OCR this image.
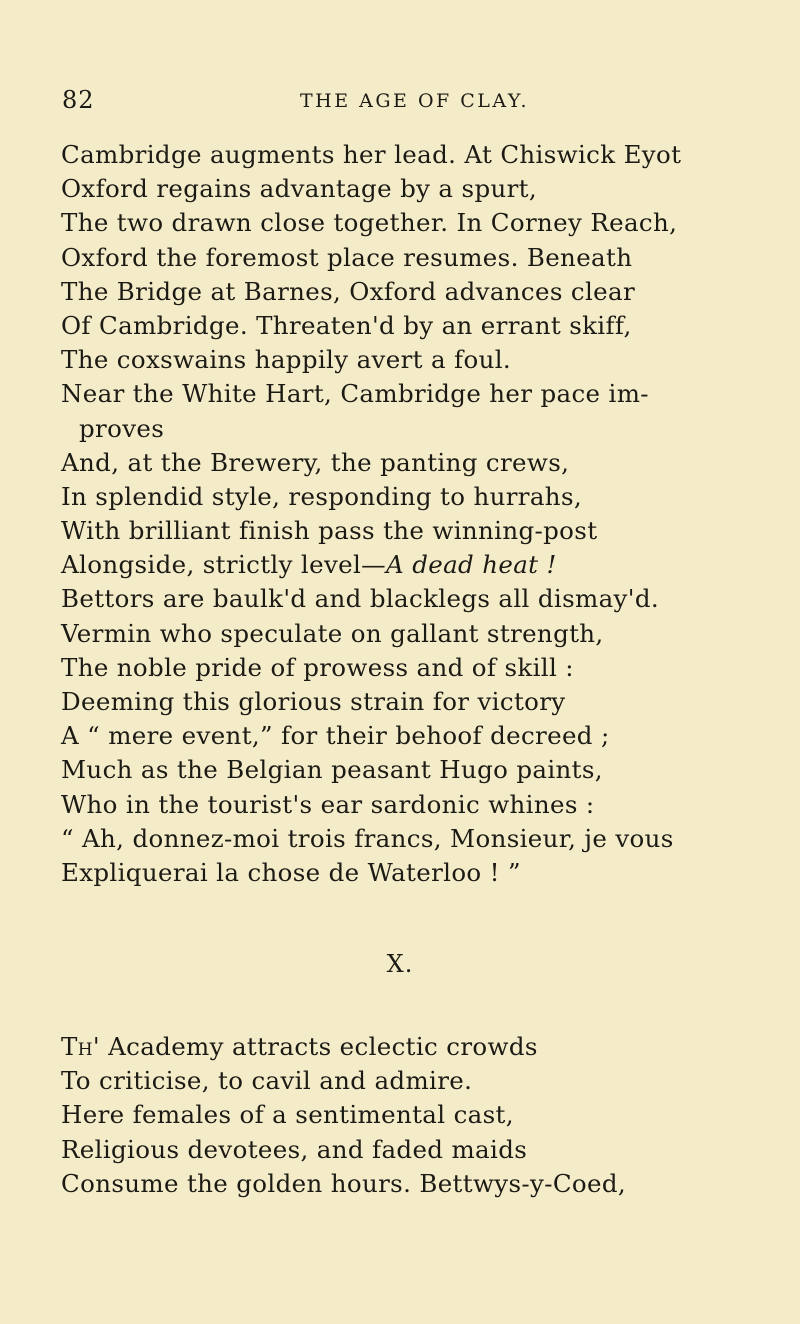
82	THE AGE OF CLAY.
Cambridge augments her lead. At Chiswick Eyot
Oxford regains advantage by a spurt,
The two drawn close together. In Corney Reach,
Oxford the foremost place resumes. Beneath
The Bridge at Barnes, Oxford advances clear
Of Cambridge. Threaten'd by an errant skiff,
The coxswains happily avert a foul.
Near the White Hart, Cambridge her pace im-
proves
And, at the Brewery, the panting crews,
In splendid style, responding to hurrahs,
With brilliant finish pass the winning-post
Alongside, strictly level—A dead heat !
Bettors are baulk'd and blacklegs all dismay'd.
Vermin who speculate on gallant strength,
The noble pride of prowess and of skill :
Deeming this glorious strain for victory
A “ mere event,” for their behoof decreed ;
Much as the Belgian peasant Hugo paints,
Who in the tourist's ear sardonic whines :
“ Ah, donnez-moi trois francs, Monsieur, je vous
Expliquerai la chose de Waterloo ! ”
X.
Th' Academy attracts eclectic crowds
To criticise, to cavil and admire.
Here females of a sentimental cast,
Religious devotees, and faded maids
Consume the golden hours. Bettwys-y-Coed,
